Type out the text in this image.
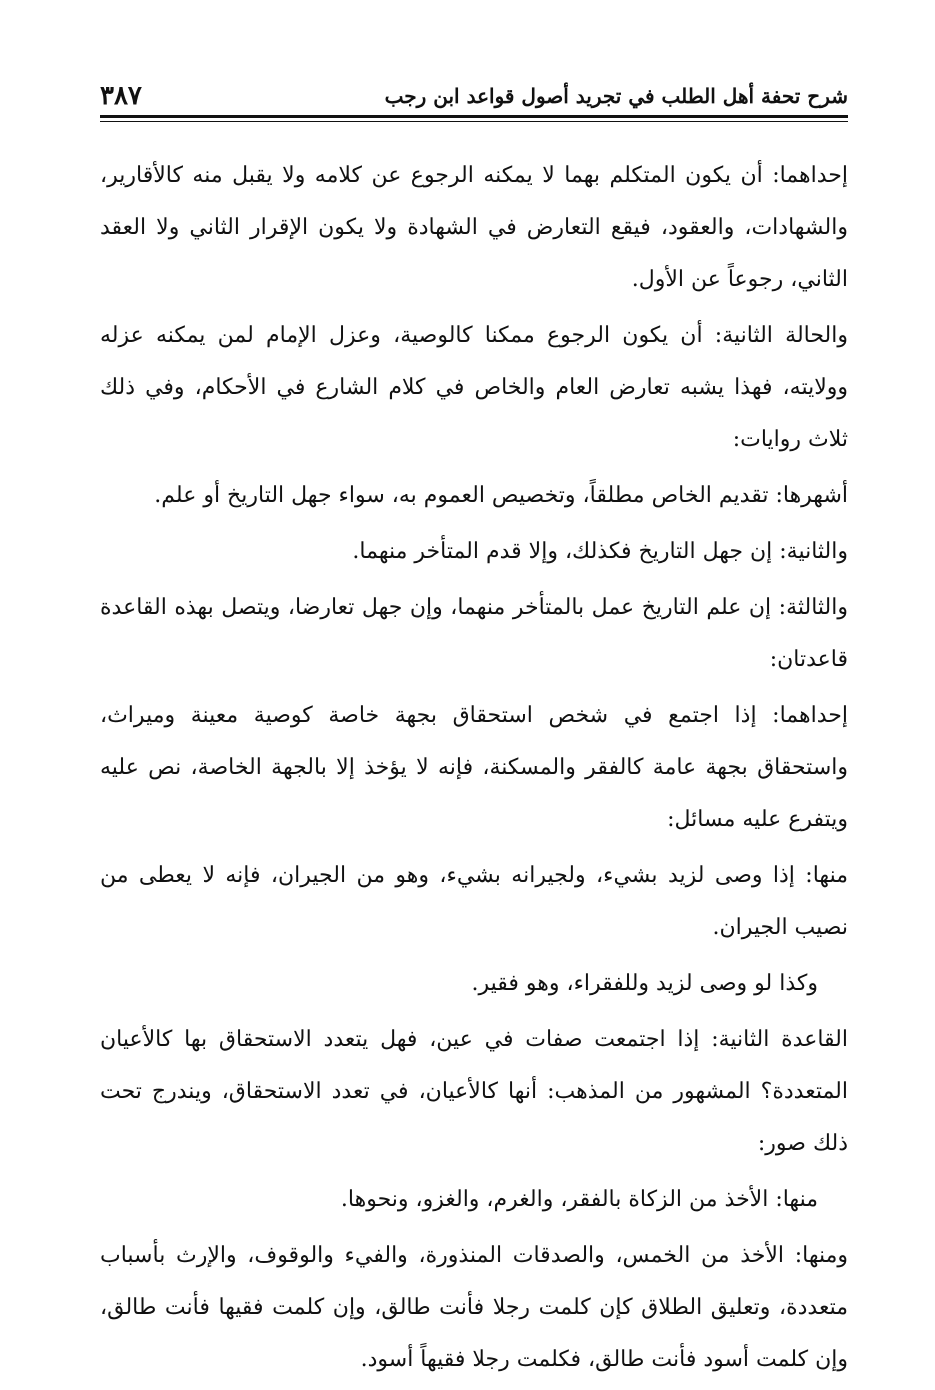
شرح تحفة أهل الطلب في تجريد أصول قواعد ابن رجب
٣٨٧

إحداهما: أن يكون المتكلم بهما لا يمكنه الرجوع عن كلامه ولا يقبل منه كالأقارير، والشهادات، والعقود، فيقع التعارض في الشهادة ولا يكون الإقرار الثاني ولا العقد الثاني، رجوعاً عن الأول.

والحالة الثانية: أن يكون الرجوع ممكنا كالوصية، وعزل الإمام لمن يمكنه عزله وولايته، فهذا يشبه تعارض العام والخاص في كلام الشارع في الأحكام، وفي ذلك ثلاث روايات:

أشهرها: تقديم الخاص مطلقاً، وتخصيص العموم به، سواء جهل التاريخ أو علم.

والثانية: إن جهل التاريخ فكذلك، وإلا قدم المتأخر منهما.

والثالثة: إن علم التاريخ عمل بالمتأخر منهما، وإن جهل تعارضا، ويتصل بهذه القاعدة قاعدتان:

إحداهما: إذا اجتمع في شخص استحقاق بجهة خاصة كوصية معينة وميراث، واستحقاق بجهة عامة كالفقر والمسكنة، فإنه لا يؤخذ إلا بالجهة الخاصة، نص عليه ويتفرع عليه مسائل:

منها: إذا وصى لزيد بشيء، ولجيرانه بشيء، وهو من الجيران، فإنه لا يعطى من نصيب الجيران.

وكذا لو وصى لزيد وللفقراء، وهو فقير.

القاعدة الثانية: إذا اجتمعت صفات في عين، فهل يتعدد الاستحقاق بها كالأعيان المتعددة؟ المشهور من المذهب: أنها كالأعيان، في تعدد الاستحقاق، ويندرج تحت ذلك صور:

منها: الأخذ من الزكاة بالفقر، والغرم، والغزو، ونحوها.

ومنها: الأخذ من الخمس، والصدقات المنذورة، والفيء والوقوف، والإرث بأسباب متعددة، وتعليق الطلاق كإن كلمت رجلا فأنت طالق، وإن كلمت فقيها فأنت طالق، وإن كلمت أسود فأنت طالق، فكلمت رجلا فقيهاً أسود.
